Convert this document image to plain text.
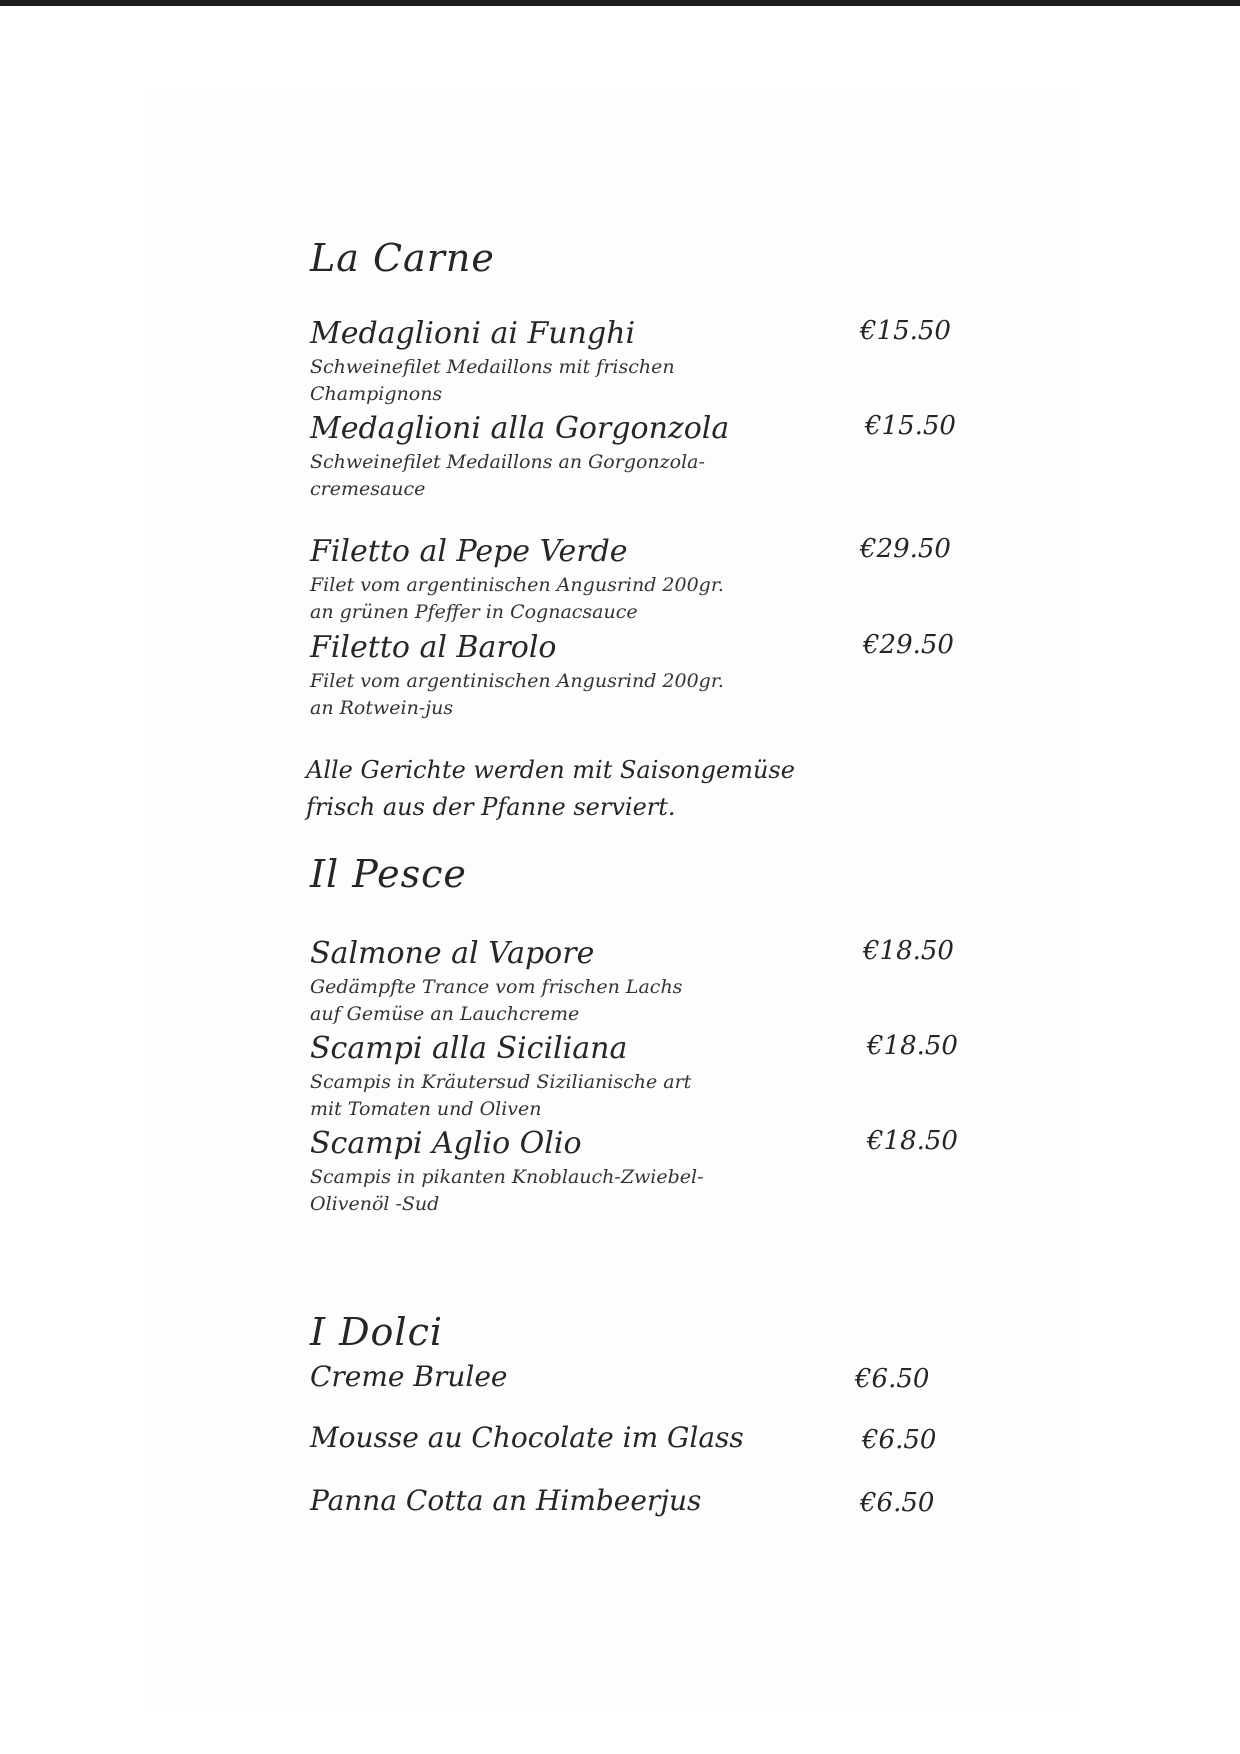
La Carne
Medaglioni ai Funghi	€15.50
Schweinefilet Medaillons mit frischen
Champignons
Medaglioni alla Gorgonzola	€15.50
Schweinefilet Medaillons an Gorgonzola-
cremesauce
Filetto al Pepe Verde	€29.50
Filet vom argentinischen Angusrind 200gr.
an grünen Pfeffer in Cognacsauce
Filetto al Barolo	€29.50
Filet vom argentinischen Angusrind 200gr.
an Rotwein-jus
Alle Gerichte werden mit Saisongemüse
frisch aus der Pfanne serviert.
Il Pesce
Salmone al Vapore	€18.50
Gedämpfte Trance vom frischen Lachs
auf Gemüse an Lauchcreme
Scampi alla Siciliana	€18.50
Scampis in Kräutersud Sizilianische art
mit Tomaten und Oliven
Scampi Aglio Olio	€18.50
Scampis in pikanten Knoblauch-Zwiebel-
Olivenöl -Sud
I Dolci
Creme Brulee	€6.50
Mousse au Chocolate im Glass	€6.50
Panna Cotta an Himbeerjus	€6.50
